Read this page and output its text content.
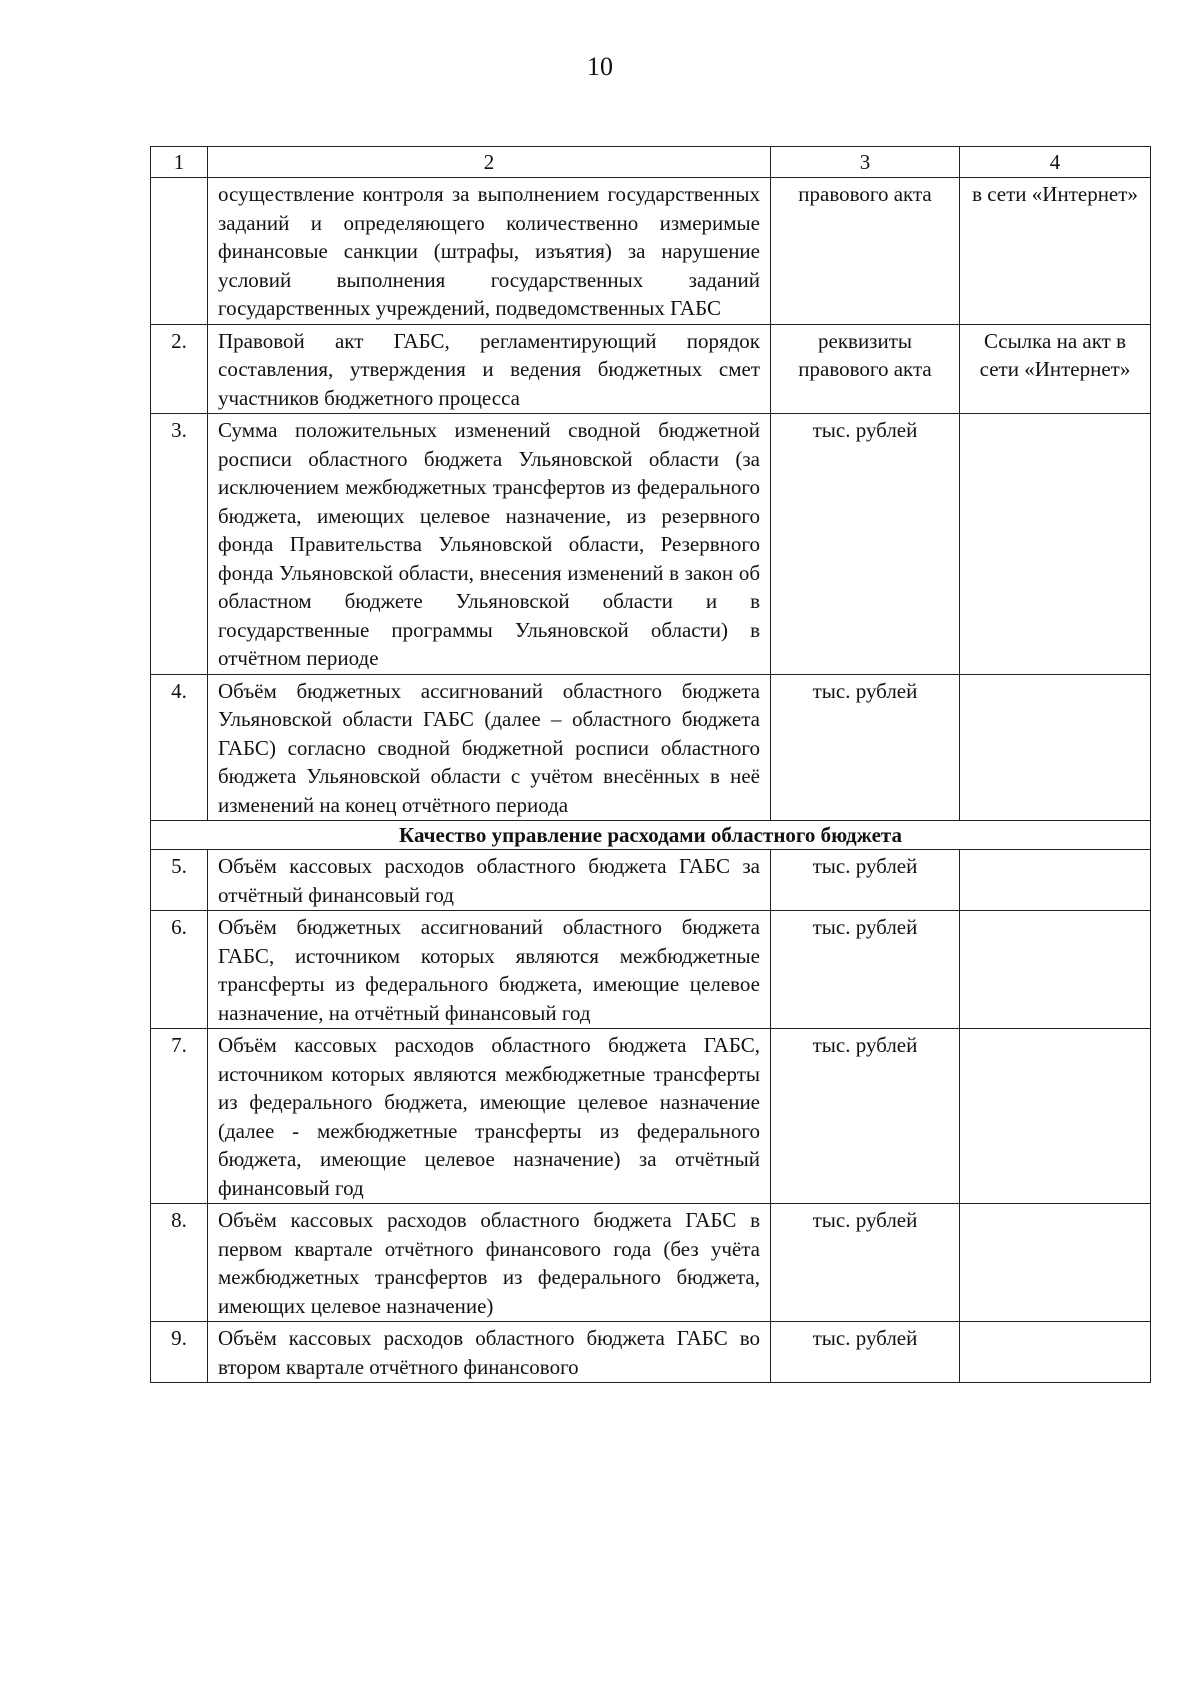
10
1	2	3	4
	осуществление контроля за выполнением государственных заданий и определяющего количественно измеримые финансовые санкции (штрафы, изъятия) за нарушение условий выполнения государственных заданий государственных учреждений, подведомственных ГАБС	правового акта	в сети «Интернет»
2.	Правовой акт ГАБС, регламентирующий порядок составления, утверждения и ведения бюджетных смет участников бюджетного процесса	реквизиты правового акта	Ссылка на акт в сети «Интернет»
3.	Сумма положительных изменений сводной бюджетной росписи областного бюджета Ульяновской области (за исключением межбюджетных трансфертов из федерального бюджета, имеющих целевое назначение, из резервного фонда Правительства Ульяновской области, Резервного фонда Ульяновской области, внесения изменений в закон об областном бюджете Ульяновской области и в государственные программы Ульяновской области) в отчётном периоде	тыс. рублей	
4.	Объём бюджетных ассигнований областного бюджета Ульяновской области ГАБС (далее – областного бюджета ГАБС) согласно сводной бюджетной росписи областного бюджета Ульяновской области с учётом внесённых в неё изменений на конец отчётного периода	тыс. рублей	
Качество управление расходами областного бюджета			
5.	Объём кассовых расходов областного бюджета ГАБС за отчётный финансовый год	тыс. рублей	
6.	Объём бюджетных ассигнований областного бюджета ГАБС, источником которых являются межбюджетные трансферты из федерального бюджета, имеющие целевое назначение, на отчётный финансовый год	тыс. рублей	
7.	Объём кассовых расходов областного бюджета ГАБС, источником которых являются межбюджетные трансферты из федерального бюджета, имеющие целевое назначение (далее - межбюджетные трансферты из федерального бюджета, имеющие целевое назначение) за отчётный финансовый год	тыс. рублей	
8.	Объём кассовых расходов областного бюджета ГАБС в первом квартале отчётного финансового года (без учёта межбюджетных трансфертов из федерального бюджета, имеющих целевое назначение)	тыс. рублей	
9.	Объём кассовых расходов областного бюджета ГАБС во втором квартале отчётного финансового	тыс. рублей	
